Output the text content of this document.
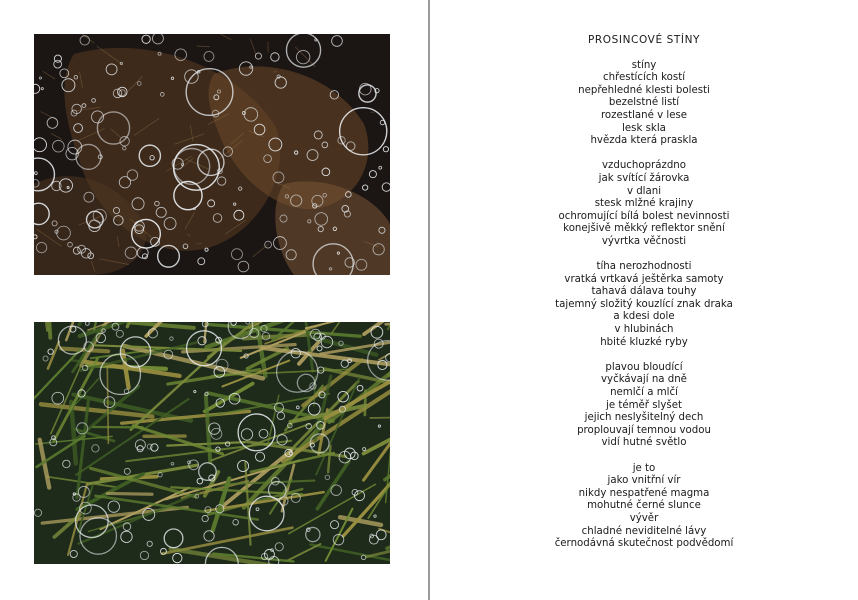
PROSINCOVÉ STÍNY
stíny
chřestících kostí
nepřehledné klesti bolesti
bezelstné listí
rozestlané v lese
lesk skla
hvězda která praskla
vzduchoprázdno
jak svítící žárovka
v dlani
stesk mlžné krajiny
ochromující bílá bolest nevinnosti
konejšivě měkký reflektor snění
vývrtka věčnosti
tíha nerozhodnosti
vratká vrtkavá ještěrka samoty
tahavá dálava touhy
tajemný složitý kouzlící znak draka
a kdesi dole
v hlubinách
hbité kluzké ryby
plavou bloudící
vyčkávají na dně
nemlčí a mlčí
je téměř slyšet
jejich neslyšitelný dech
proplouvají temnou vodou
vidí hutné světlo
je to
jako vnitřní vír
nikdy nespatřené magma
mohutné černé slunce
vývěr
chladné neviditelné lávy
černodávná skutečnost podvědomí
